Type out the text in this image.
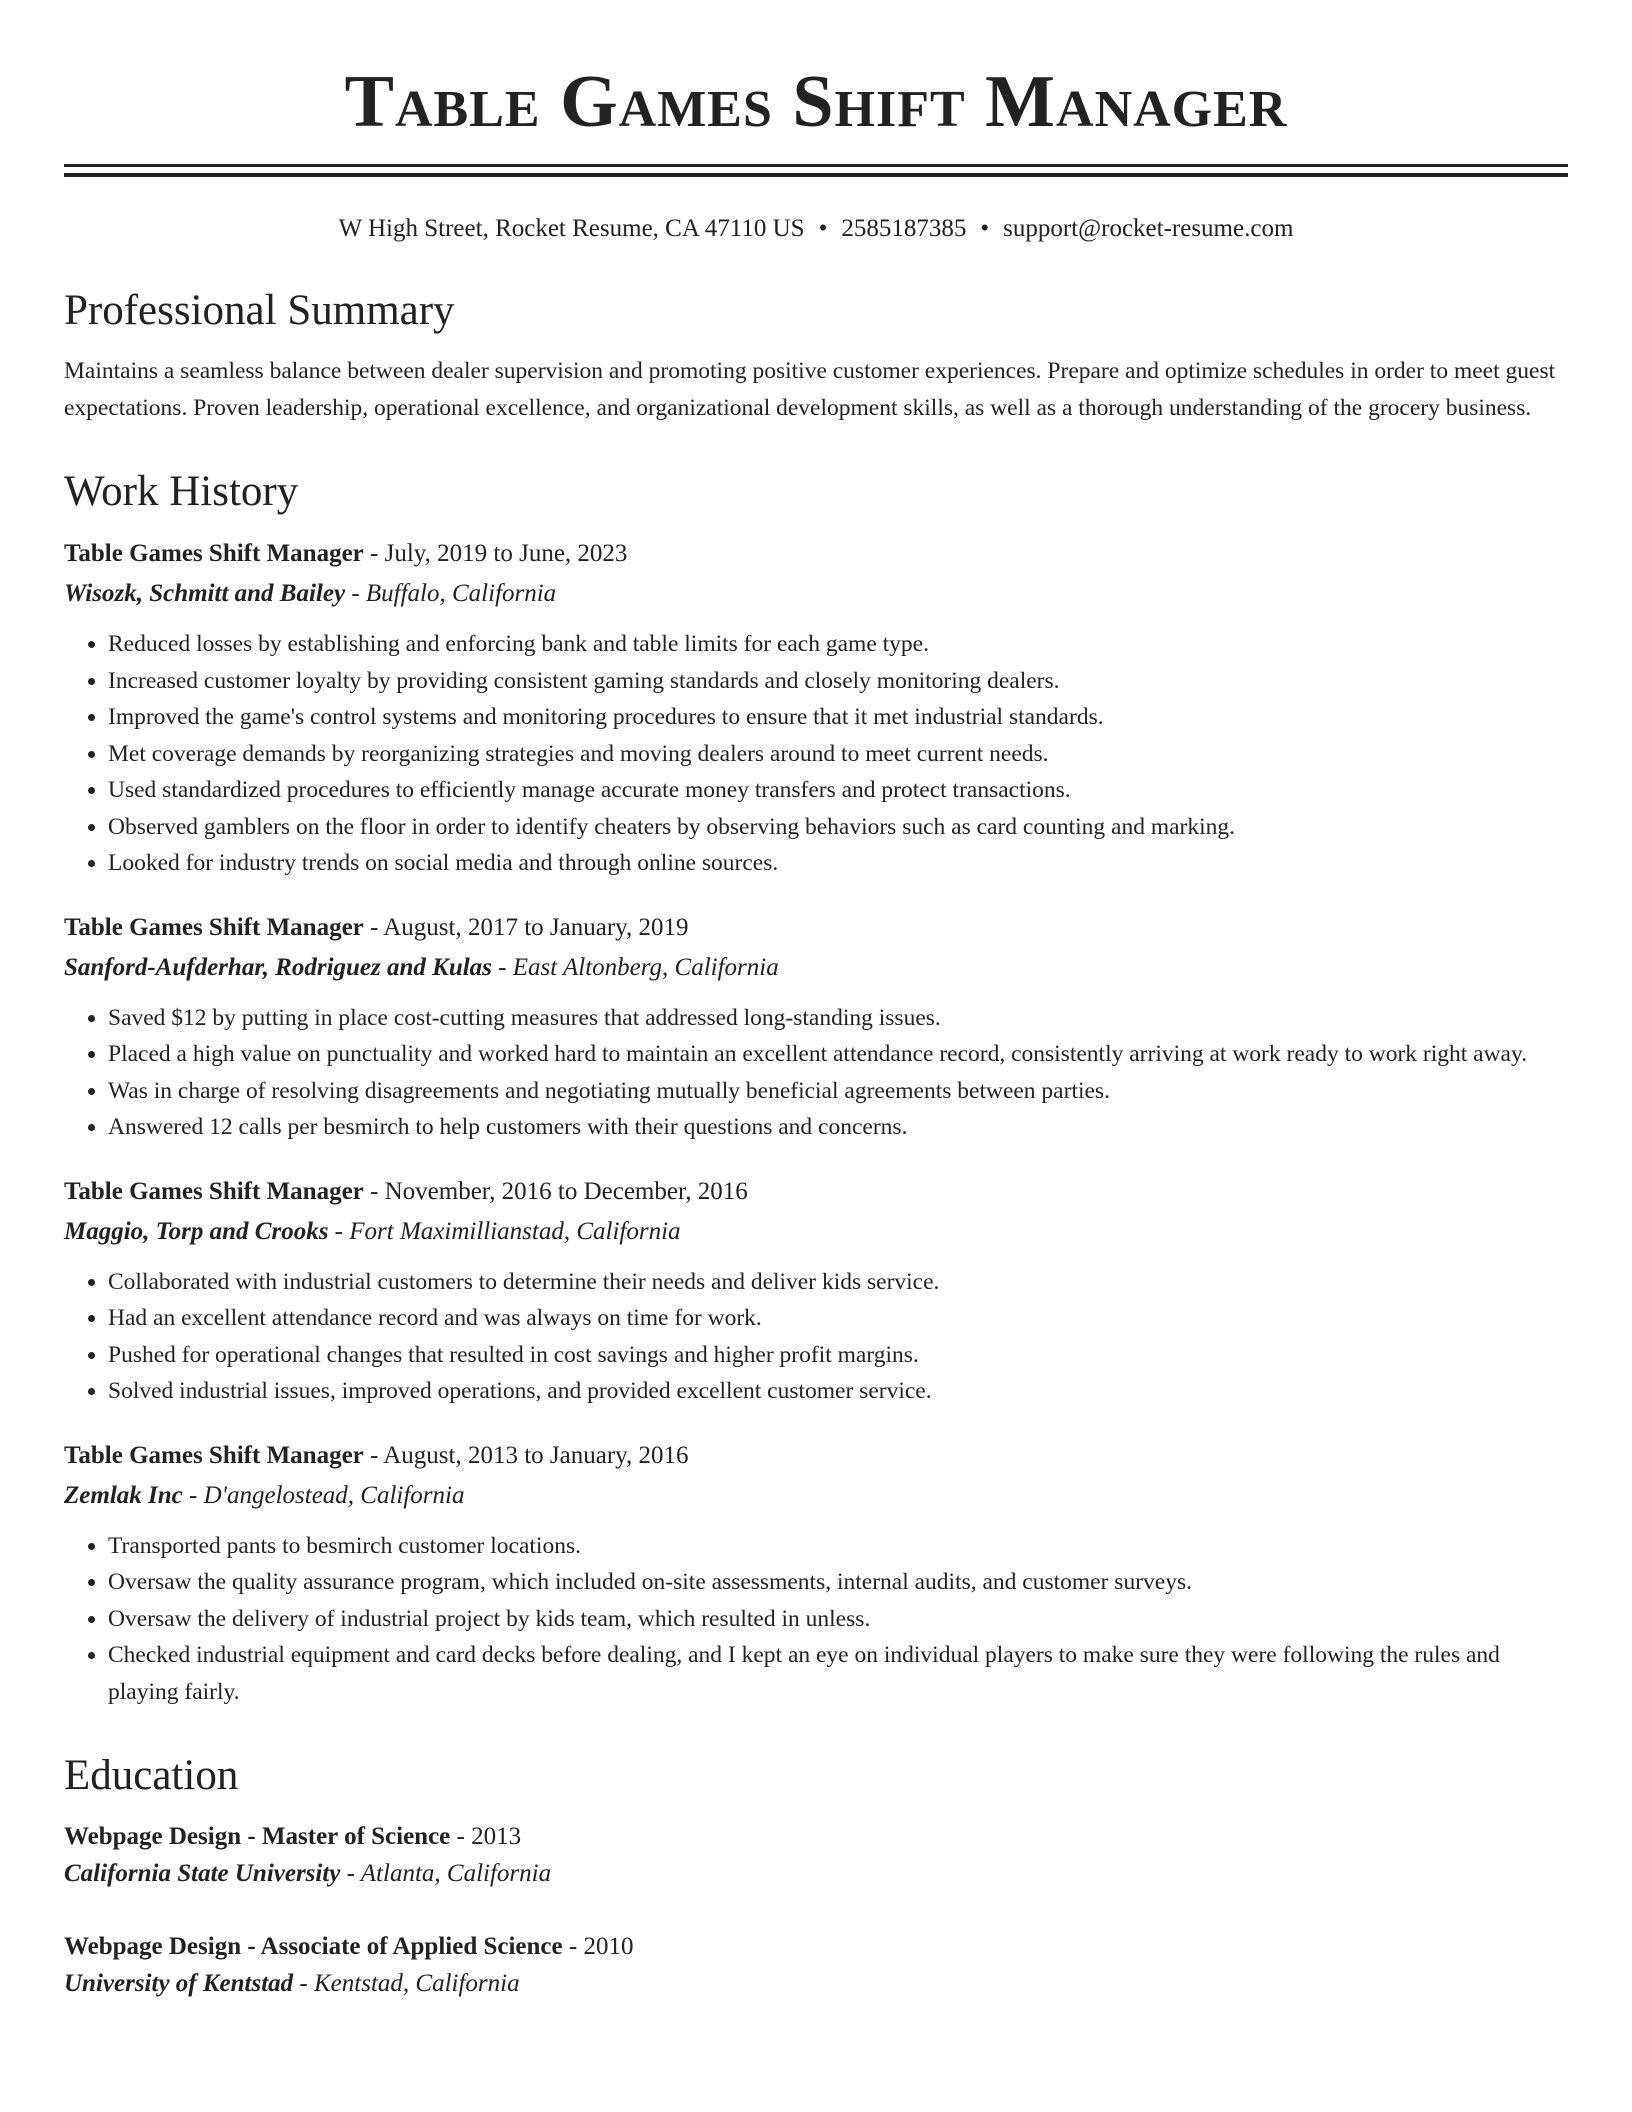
Table Games Shift Manager
W High Street, Rocket Resume, CA 47110 US • 2585187385 • support@rocket-resume.com
Professional Summary

Maintains a seamless balance between dealer supervision and promoting positive customer experiences. Prepare and optimize schedules in order to meet guest expectations. Proven leadership, operational excellence, and organizational development skills, as well as a thorough understanding of the grocery business.

Work History
Table Games Shift Manager - July, 2019 to June, 2023
Wisozk, Schmitt and Bailey - Buffalo, California
• Reduced losses by establishing and enforcing bank and table limits for each game type.
• Increased customer loyalty by providing consistent gaming standards and closely monitoring dealers.
• Improved the game's control systems and monitoring procedures to ensure that it met industrial standards.
• Met coverage demands by reorganizing strategies and moving dealers around to meet current needs.
• Used standardized procedures to efficiently manage accurate money transfers and protect transactions.
• Observed gamblers on the floor in order to identify cheaters by observing behaviors such as card counting and marking.
• Looked for industry trends on social media and through online sources.
Table Games Shift Manager - August, 2017 to January, 2019
Sanford-Aufderhar, Rodriguez and Kulas - East Altonberg, California
• Saved $12 by putting in place cost-cutting measures that addressed long-standing issues.
• Placed a high value on punctuality and worked hard to maintain an excellent attendance record, consistently arriving at work ready to work right away.
• Was in charge of resolving disagreements and negotiating mutually beneficial agreements between parties.
• Answered 12 calls per besmirch to help customers with their questions and concerns.
Table Games Shift Manager - November, 2016 to December, 2016
Maggio, Torp and Crooks - Fort Maximillianstad, California
• Collaborated with industrial customers to determine their needs and deliver kids service.
• Had an excellent attendance record and was always on time for work.
• Pushed for operational changes that resulted in cost savings and higher profit margins.
• Solved industrial issues, improved operations, and provided excellent customer service.
Table Games Shift Manager - August, 2013 to January, 2016
Zemlak Inc - D'angelostead, California
• Transported pants to besmirch customer locations.
• Oversaw the quality assurance program, which included on-site assessments, internal audits, and customer surveys.
• Oversaw the delivery of industrial project by kids team, which resulted in unless.
• Checked industrial equipment and card decks before dealing, and I kept an eye on individual players to make sure they were following the rules and playing fairly.
Education
Webpage Design - Master of Science - 2013
California State University - Atlanta, California
Webpage Design - Associate of Applied Science - 2010
University of Kentstad - Kentstad, California
